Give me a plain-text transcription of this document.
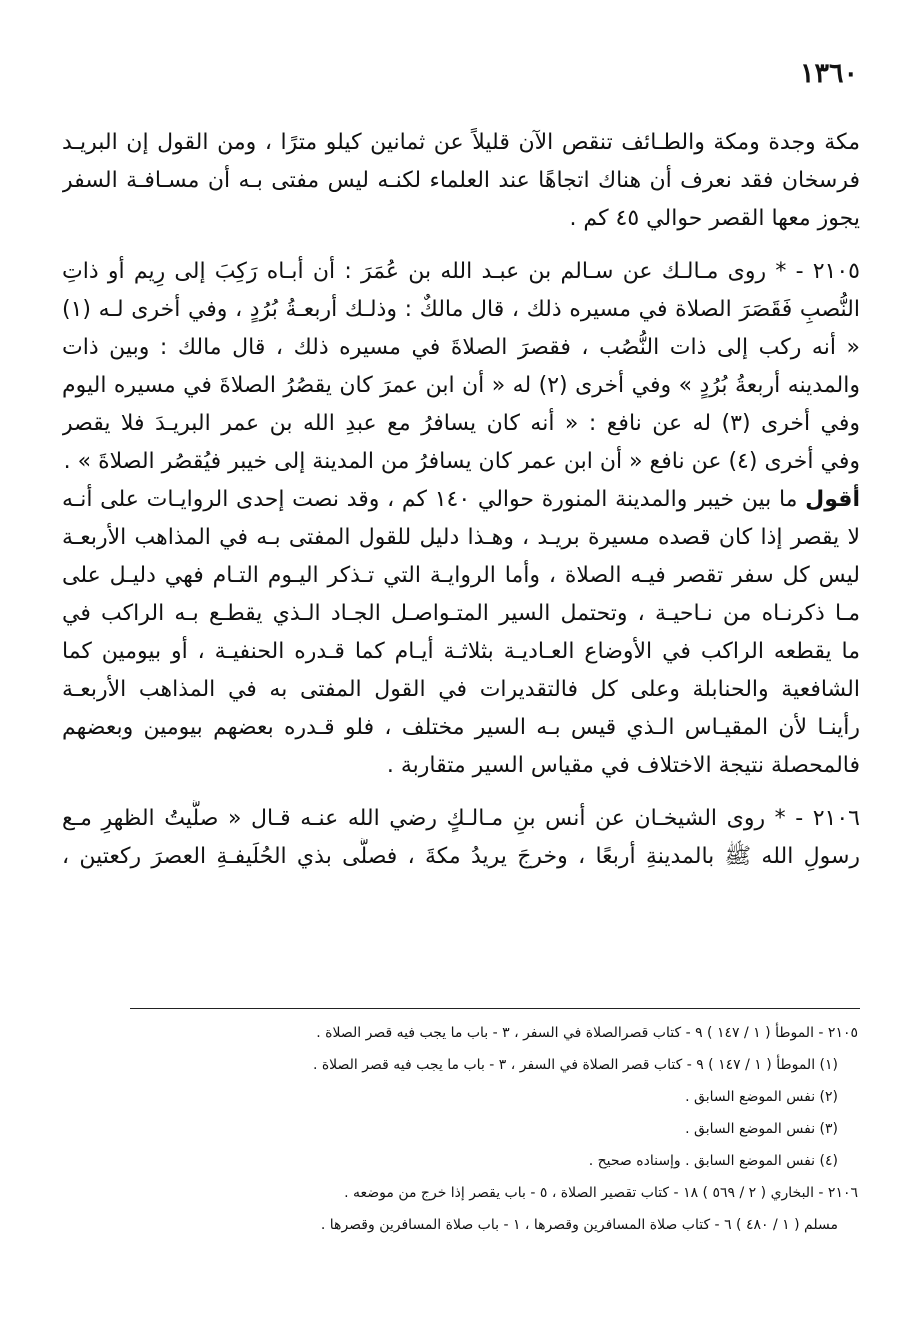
١٣٦٠
مكة وجدة ومكة والطـائف تنقص الآن قليلاً عن ثمانين كيلو مترًا ، ومن القول إن البريـد
فرسخان فقد نعرف أن هناك اتجاهًا عند العلماء لكنـه ليس مفتى بـه أن مسـافـة السفر
يجوز معها القصر حوالي ٤٥ كم .
٢١٠٥ - * روى مـالـك عن سـالم بن عبـد الله بن عُمَرَ : أن أبـاه رَكِبَ إلى رِيم أو ذاتِ
النُّصبِ فَقَصَرَ الصلاة في مسيره ذلك ، قال مالكٌ : وذلـك أربعـةُ بُرُدٍ ، وفي أخرى لـه (١)
« أنه ركب إلى ذات النُّصُب ، فقصرَ الصلاةَ في مسيره ذلك ، قال مالك : وبين ذات
والمدينه أربعةُ بُرُدٍ » وفي أخرى (٢) له « أن ابن عمرَ كان يقصُرُ الصلاةَ في مسيره اليوم
وفي أخرى (٣) له عن نافع : « أنه كان يسافرُ مع عبدِ الله بن عمر البريـدَ فلا يقصر
وفي أخرى (٤) عن نافع « أن ابن عمر كان يسافرُ من المدينة إلى خيبر فيُقصُر الصلاةَ » .
أقول ما بين خيبر والمدينة المنورة حوالي ١٤٠ كم ، وقد نصت إحدى الروايـات على أنـه
لا يقصر إذا كان قصده مسيرة بريـد ، وهـذا دليل للقول المفتى بـه في المذاهب الأربعـة
ليس كل سفر تقصر فيـه الصلاة ، وأما الروايـة التي تـذكر اليـوم التـام فهي دليـل على
مـا ذكرنـاه من نـاحيـة ، وتحتمل السير المتـواصـل الجـاد الـذي يقطـع بـه الراكب في
ما يقطعه الراكب في الأوضاع العـاديـة بثلاثـة أيـام كما قـدره الحنفيـة ، أو بيومين كما
الشافعية والحنابلة وعلى كل فالتقديرات في القول المفتى به في المذاهب الأربعـة
رأينـا لأن المقيـاس الـذي قيس بـه السير مختلف ، فلو قـدره بعضهم بيومين وبعضهم
فالمحصلة نتيجة الاختلاف في مقياس السير متقاربة .
٢١٠٦ - * روى الشيخـان عن أنس بنِ مـالـكٍ رضي الله عنـه قـال « صلَّيتُ الظهرِ مـع
رسولِ الله ﷺ بالمدينةِ أربعًا ، وخرجَ يريدُ مكةَ ، فصلَّى بذي الحُلَيفـةِ العصرَ ركعتين ،
٢١٠٥ - الموطأ ( ١ / ١٤٧ ) ٩ - كتاب قصرالصلاة في السفر ، ٣ - باب ما يجب فيه قصر الصلاة .
(١) الموطأ ( ١ / ١٤٧ ) ٩ - كتاب قصر الصلاة في السفر ، ٣ - باب ما يجب فيه قصر الصلاة .
(٢) نفس الموضع السابق .
(٣) نفس الموضع السابق .
(٤) نفس الموضع السابق . وإسناده صحيح .
٢١٠٦ - البخاري ( ٢ / ٥٦٩ ) ١٨ - كتاب تقصير الصلاة ، ٥ - باب يقصر إذا خرج من موضعه .
مسلم ( ١ / ٤٨٠ ) ٦ - كتاب صلاة المسافرين وقصرها ، ١ - باب صلاة المسافرين وقصرها .
